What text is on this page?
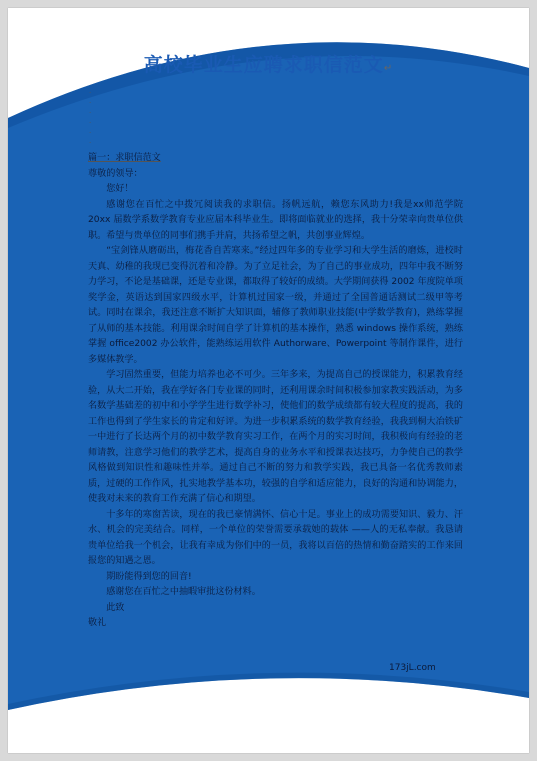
高校毕业生应聘求职信范文↵
·
·
·
·
·
·

篇一：求职信范文

尊敬的领导：

您好！

感谢您在百忙之中拨冗阅读我的求职信。扬帆远航，赖您东风助力!我是xx师范学院 20xx 届数学系数学教育专业应届本科毕业生。即将面临就业的选择，我十分荣幸向贵单位供职。希望与贵单位的同事们携手并肩，共扬希望之帆，共创事业辉煌。

“宝剑锋从磨砺出，梅花香自苦寒来。”经过四年多的专业学习和大学生活的磨炼，进校时天真、幼稚的我现已变得沉着和冷静。为了立足社会，为了自己的事业成功，四年中我不断努力学习，不论是基础课，还是专业课，都取得了较好的成绩。大学期间获得 2002 年度院单项奖学金，英语达到国家四级水平，计算机过国家一级，并通过了全国普通话测试二级甲等考试。同时在课余，我还注意不断扩大知识面，辅修了教师职业技能(中学数学教育)，熟练掌握了从师的基本技能。利用课余时间自学了计算机的基本操作，熟悉 windows 操作系统，熟练掌握 office2002 办公软件，能熟练运用软件 Authorware、Powerpoint 等制作课件，进行多媒体教学。

学习固然重要，但能力培养也必不可少。三年多来，为提高自己的授课能力，积累教育经验，从大二开始，我在学好各门专业课的同时，还利用课余时间积极参加家教实践活动，为多名数学基础差的初中和小学学生进行数学补习，使他们的数学成绩都有较大程度的提高，我的工作也得到了学生家长的肯定和好评。为进一步积累系统的数学教育经验，我我到桐大冶铁矿一中进行了长达两个月的初中数学教育实习工作，在两个月的实习时间，我积极向有经验的老师请教，注意学习他们的教学艺术，提高自身的业务水平和授课表达技巧，力争使自己的教学风格做到知识性和趣味性并举。通过自己不断的努力和教学实践，我已具备一名优秀教师素质，过硬的工作作风，扎实地教学基本功，较强的自学和适应能力，良好的沟通和协调能力，使我对未来的教育工作充满了信心和期望。

十多年的寒窗苦读，现在的我已豪情满怀、信心十足。事业上的成功需要知识、毅力、汗水、机会的完美结合。同样，一个单位的荣誉需要承载她的载体 ——人的无私奉献。我恳请贵单位给我一个机会，让我有幸成为你们中的一员，我将以百倍的热情和勤奋踏实的工作来回报您的知遇之恩。

期盼能得到您的回音!

感谢您在百忙之中抽暇审批这份材料。

此致

敬礼

173jL.com
